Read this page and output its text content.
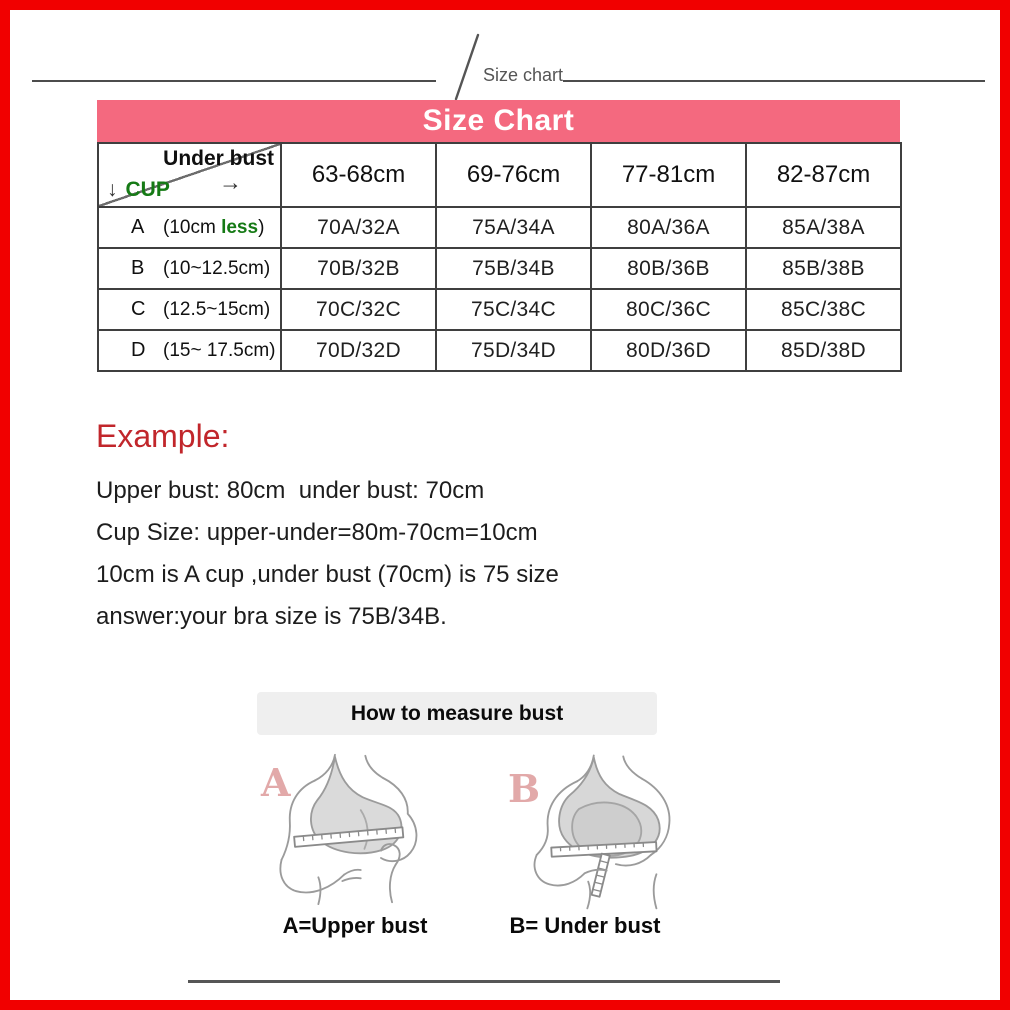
Size chart
Size Chart
Under bust
→
↓ CUP	63-68cm	69-76cm	77-81cm	82-87cm
A (10cm less)	70A/32A	75A/34A	80A/36A	85A/38A
B (10~12.5cm)	70B/32B	75B/34B	80B/36B	85B/38B
C (12.5~15cm)	70C/32C	75C/34C	80C/36C	85C/38C
D (15~ 17.5cm)	70D/32D	75D/34D	80D/36D	85D/38D
Example:
Upper bust: 80cm  under bust: 70cm
Cup Size: upper-under=80m-70cm=10cm
10cm is A cup ,under bust (70cm) is 75 size
answer:your bra size is 75B/34B.
How to measure bust
A	B
A=Upper bust	B= Under bust
